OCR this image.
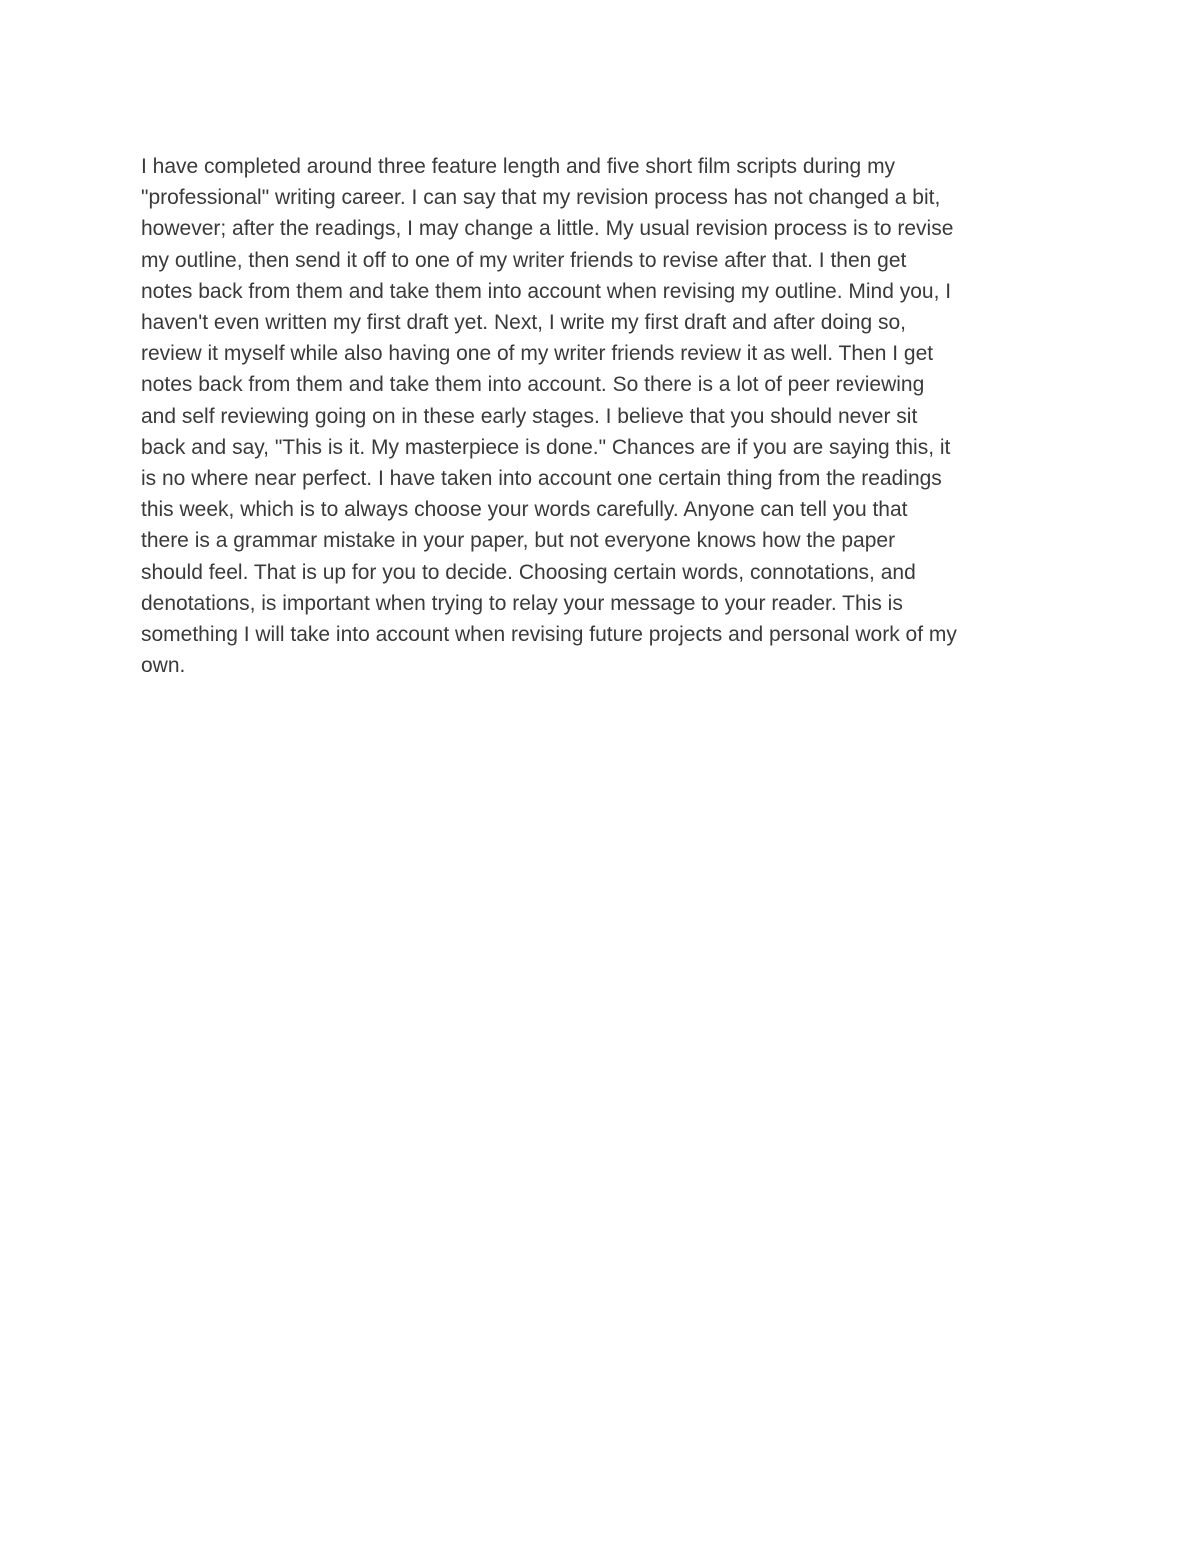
I have completed around three feature length and five short film scripts during my
"professional" writing career. I can say that my revision process has not changed a bit,
however; after the readings, I may change a little. My usual revision process is to revise
my outline, then send it off to one of my writer friends to revise after that. I then get
notes back from them and take them into account when revising my outline. Mind you, I
haven't even written my first draft yet. Next, I write my first draft and after doing so,
review it myself while also having one of my writer friends review it as well. Then I get
notes back from them and take them into account. So there is a lot of peer reviewing
and self reviewing going on in these early stages. I believe that you should never sit
back and say, "This is it. My masterpiece is done." Chances are if you are saying this, it
is no where near perfect. I have taken into account one certain thing from the readings
this week, which is to always choose your words carefully. Anyone can tell you that
there is a grammar mistake in your paper, but not everyone knows how the paper
should feel. That is up for you to decide. Choosing certain words, connotations, and
denotations, is important when trying to relay your message to your reader. This is
something I will take into account when revising future projects and personal work of my
own.
